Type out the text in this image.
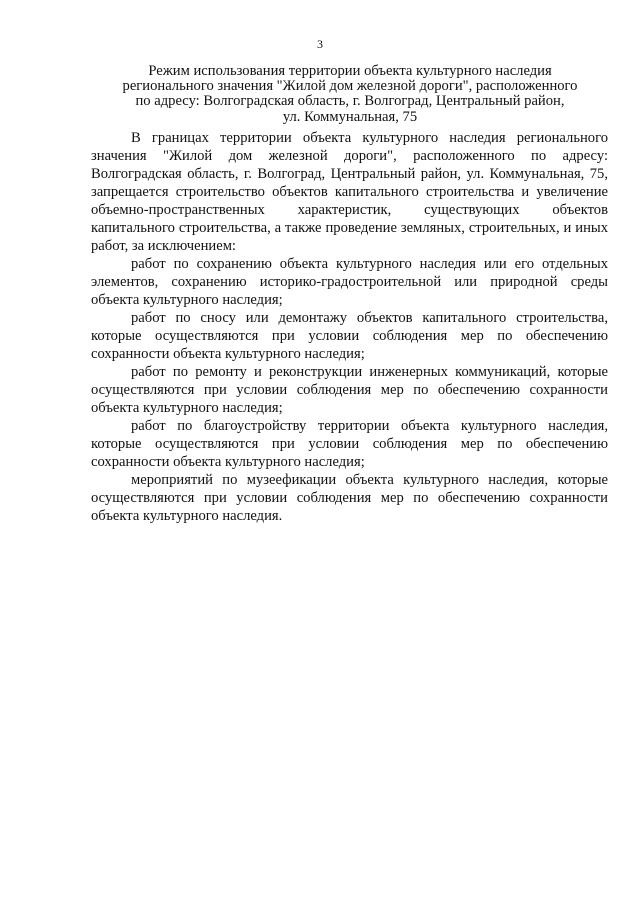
3
Режим использования территории объекта культурного наследия
регионального значения "Жилой дом железной дороги", расположенного
по адресу: Волгоградская область, г. Волгоград, Центральный район,
ул. Коммунальная, 75

В границах территории объекта культурного наследия регионального значения "Жилой дом железной дороги", расположенного по адресу: Волгоградская область, г. Волгоград, Центральный район, ул. Коммунальная, 75, запрещается строительство объектов капитального строительства и увеличение объемно-пространственных характеристик, существующих объектов капитального строительства, а также проведение земляных, строительных, и иных работ, за исключением:

работ по сохранению объекта культурного наследия или его отдельных элементов, сохранению историко-градостроительной или природной среды объекта культурного наследия;

работ по сносу или демонтажу объектов капитального строительства, которые осуществляются при условии соблюдения мер по обеспечению сохранности объекта культурного наследия;

работ по ремонту и реконструкции инженерных коммуникаций, которые осуществляются при условии соблюдения мер по обеспечению сохранности объекта культурного наследия;

работ по благоустройству территории объекта культурного наследия, которые осуществляются при условии соблюдения мер по обеспечению сохранности объекта культурного наследия;

мероприятий по музеефикации объекта культурного наследия, которые осуществляются при условии соблюдения мер по обеспечению сохранности объекта культурного наследия.
